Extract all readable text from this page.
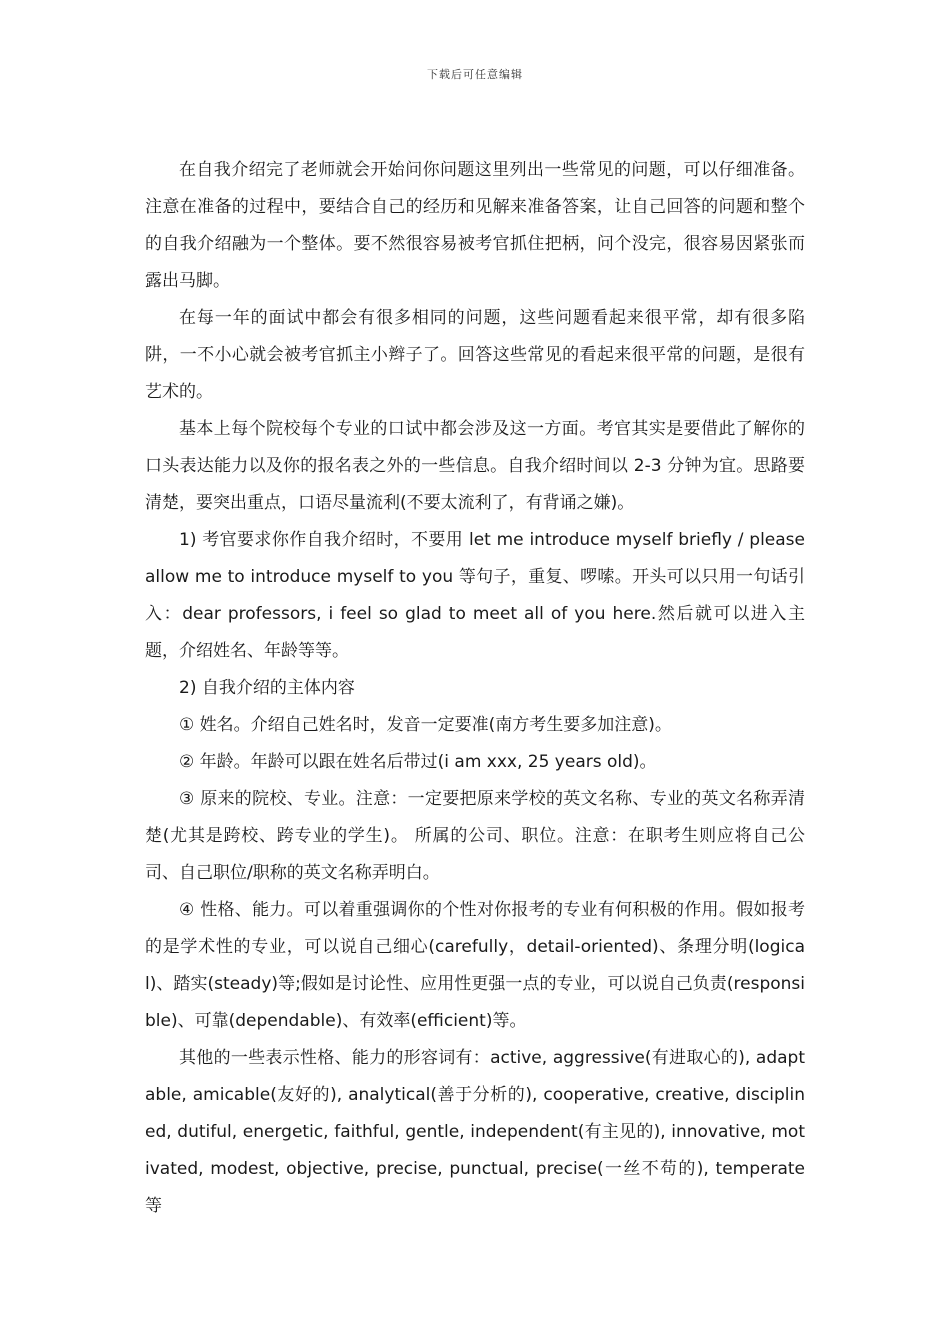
下载后可任意编辑

在自我介绍完了老师就会开始问你问题这里列出一些常见的问题，可以仔细准备。注意在准备的过程中，要结合自己的经历和见解来准备答案，让自己回答的问题和整个的自我介绍融为一个整体。要不然很容易被考官抓住把柄，问个没完，很容易因紧张而露出马脚。

在每一年的面试中都会有很多相同的问题，这些问题看起来很平常，却有很多陷阱，一不小心就会被考官抓主小辫子了。回答这些常见的看起来很平常的问题，是很有艺术的。

基本上每个院校每个专业的口试中都会涉及这一方面。考官其实是要借此了解你的口头表达能力以及你的报名表之外的一些信息。自我介绍时间以 2-3 分钟为宜。思路要清楚，要突出重点，口语尽量流利(不要太流利了，有背诵之嫌)。

1) 考官要求你作自我介绍时，不要用 let me introduce myself briefly / please allow me to introduce myself to you 等句子，重复、啰嗦。开头可以只用一句话引入：dear professors, i feel so glad to meet all of you here.然后就可以进入主题，介绍姓名、年龄等等。

2) 自我介绍的主体内容

① 姓名。介绍自己姓名时，发音一定要准(南方考生要多加注意)。

② 年龄。年龄可以跟在姓名后带过(i am xxx, 25 years old)。

③ 原来的院校、专业。注意：一定要把原来学校的英文名称、专业的英文名称弄清楚(尤其是跨校、跨专业的学生)。 所属的公司、职位。注意：在职考生则应将自己公司、自己职位/职称的英文名称弄明白。

④ 性格、能力。可以着重强调你的个性对你报考的专业有何积极的作用。假如报考的是学术性的专业，可以说自己细心(carefully，detail-oriented)、条理分明(logical)、踏实(steady)等;假如是讨论性、应用性更强一点的专业，可以说自己负责(responsible)、可靠(dependable)、有效率(efficient)等。

其他的一些表示性格、能力的形容词有：active, aggressive(有进取心的), adaptable, amicable(友好的), analytical(善于分析的), cooperative, creative, disciplined, dutiful, energetic, faithful, gentle, independent(有主见的), innovative, motivated, modest, objective, precise, punctual, precise(一丝不苟的), temperate 等
